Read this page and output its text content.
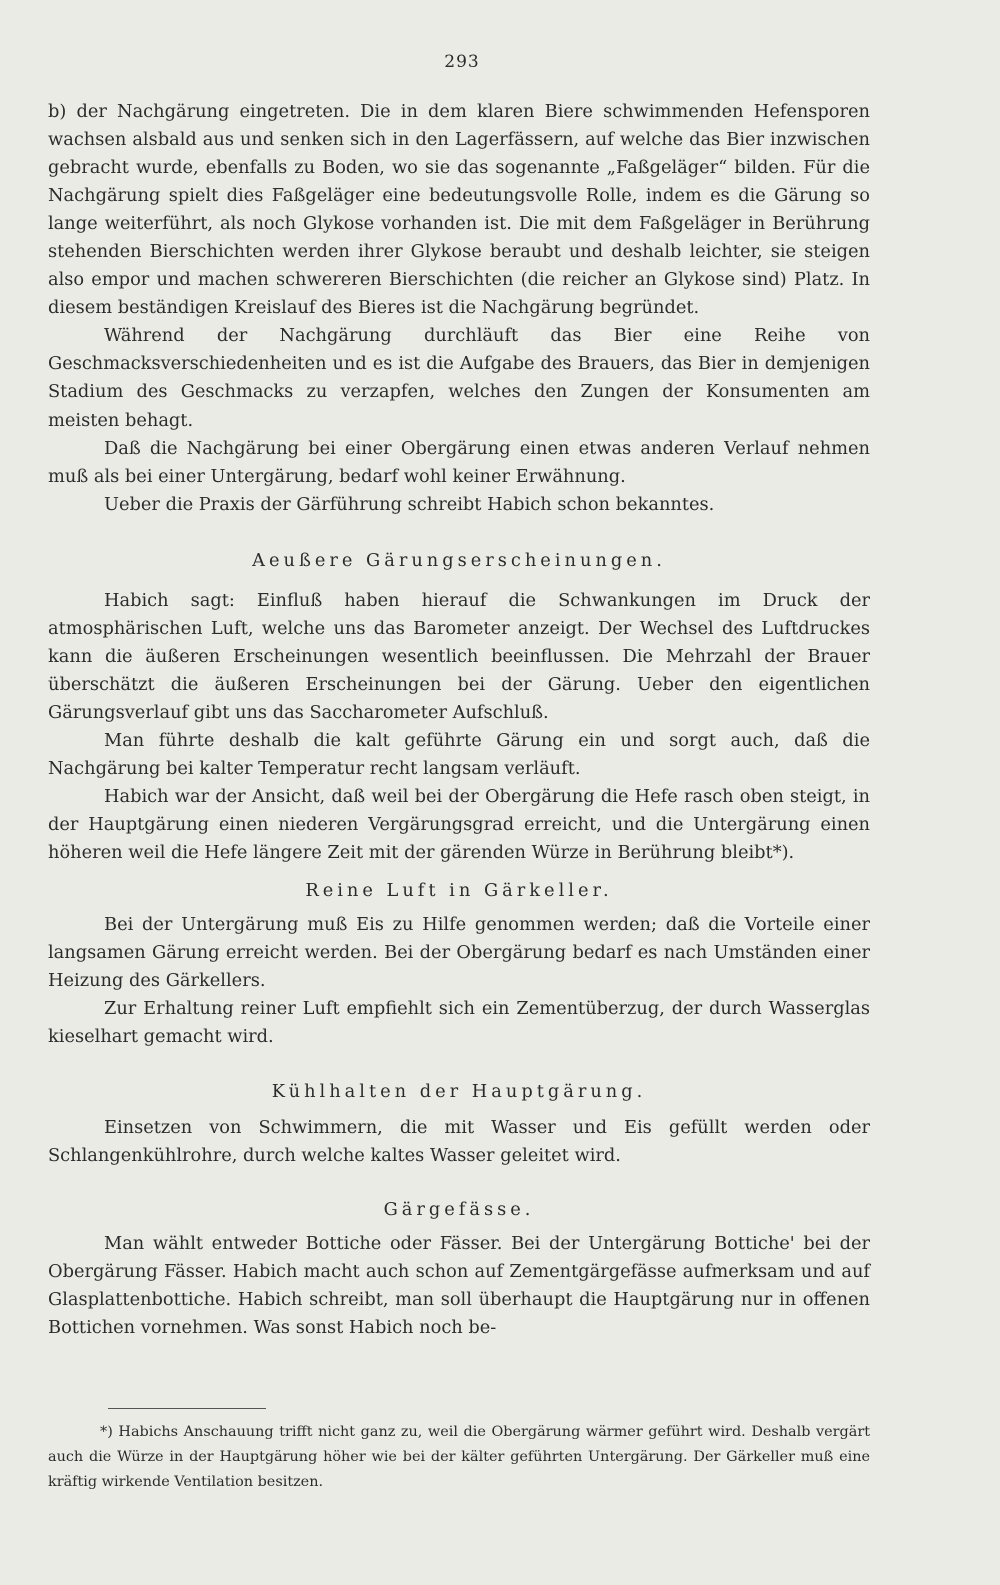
293

b) der Nachgärung eingetreten. Die in dem klaren Biere schwimmenden Hefensporen wachsen alsbald aus und senken sich in den Lagerfässern, auf welche das Bier inzwischen gebracht wurde, ebenfalls zu Boden, wo sie das sogenannte „Faßgeläger“ bilden. Für die Nachgärung spielt dies Faßgeläger eine bedeutungsvolle Rolle, indem es die Gärung so lange weiterführt, als noch Glykose vorhanden ist. Die mit dem Faßgeläger in Berührung stehenden Bierschichten werden ihrer Glykose beraubt und deshalb leichter, sie steigen also empor und machen schwereren Bierschichten (die reicher an Glykose sind) Platz. In diesem beständigen Kreislauf des Bieres ist die Nachgärung begründet.

Während der Nachgärung durchläuft das Bier eine Reihe von Geschmacksverschiedenheiten und es ist die Aufgabe des Brauers, das Bier in demjenigen Stadium des Geschmacks zu verzapfen, welches den Zungen der Konsumenten am meisten behagt.

Daß die Nachgärung bei einer Obergärung einen etwas anderen Verlauf nehmen muß als bei einer Untergärung, bedarf wohl keiner Erwähnung.

Ueber die Praxis der Gärführung schreibt Habich schon bekanntes.

Aeußere Gärungserscheinungen.

Habich sagt: Einfluß haben hierauf die Schwankungen im Druck der atmosphärischen Luft, welche uns das Barometer anzeigt. Der Wechsel des Luftdruckes kann die äußeren Erscheinungen wesentlich beeinflussen. Die Mehrzahl der Brauer überschätzt die äußeren Erscheinungen bei der Gärung. Ueber den eigentlichen Gärungsverlauf gibt uns das Saccharometer Aufschluß.

Man führte deshalb die kalt geführte Gärung ein und sorgt auch, daß die Nachgärung bei kalter Temperatur recht langsam verläuft.

Habich war der Ansicht, daß weil bei der Obergärung die Hefe rasch oben steigt, in der Hauptgärung einen niederen Vergärungsgrad erreicht, und die Untergärung einen höheren weil die Hefe längere Zeit mit der gärenden Würze in Berührung bleibt*).

Reine Luft in Gärkeller.

Bei der Untergärung muß Eis zu Hilfe genommen werden; daß die Vorteile einer langsamen Gärung erreicht werden. Bei der Obergärung bedarf es nach Umständen einer Heizung des Gärkellers.

Zur Erhaltung reiner Luft empfiehlt sich ein Zementüberzug, der durch Wasserglas kieselhart gemacht wird.

Kühlhalten der Hauptgärung.

Einsetzen von Schwimmern, die mit Wasser und Eis gefüllt werden oder Schlangenkühlrohre, durch welche kaltes Wasser geleitet wird.

Gärgefässe.

Man wählt entweder Bottiche oder Fässer. Bei der Untergärung Bottiche' bei der Obergärung Fässer. Habich macht auch schon auf Zementgärgefässe aufmerksam und auf Glasplattenbottiche. Habich schreibt, man soll überhaupt die Hauptgärung nur in offenen Bottichen vornehmen. Was sonst Habich noch be-

*) Habichs Anschauung trifft nicht ganz zu, weil die Obergärung wärmer geführt wird. Deshalb vergärt auch die Würze in der Hauptgärung höher wie bei der kälter geführten Untergärung. Der Gärkeller muß eine kräftig wirkende Ventilation besitzen.
